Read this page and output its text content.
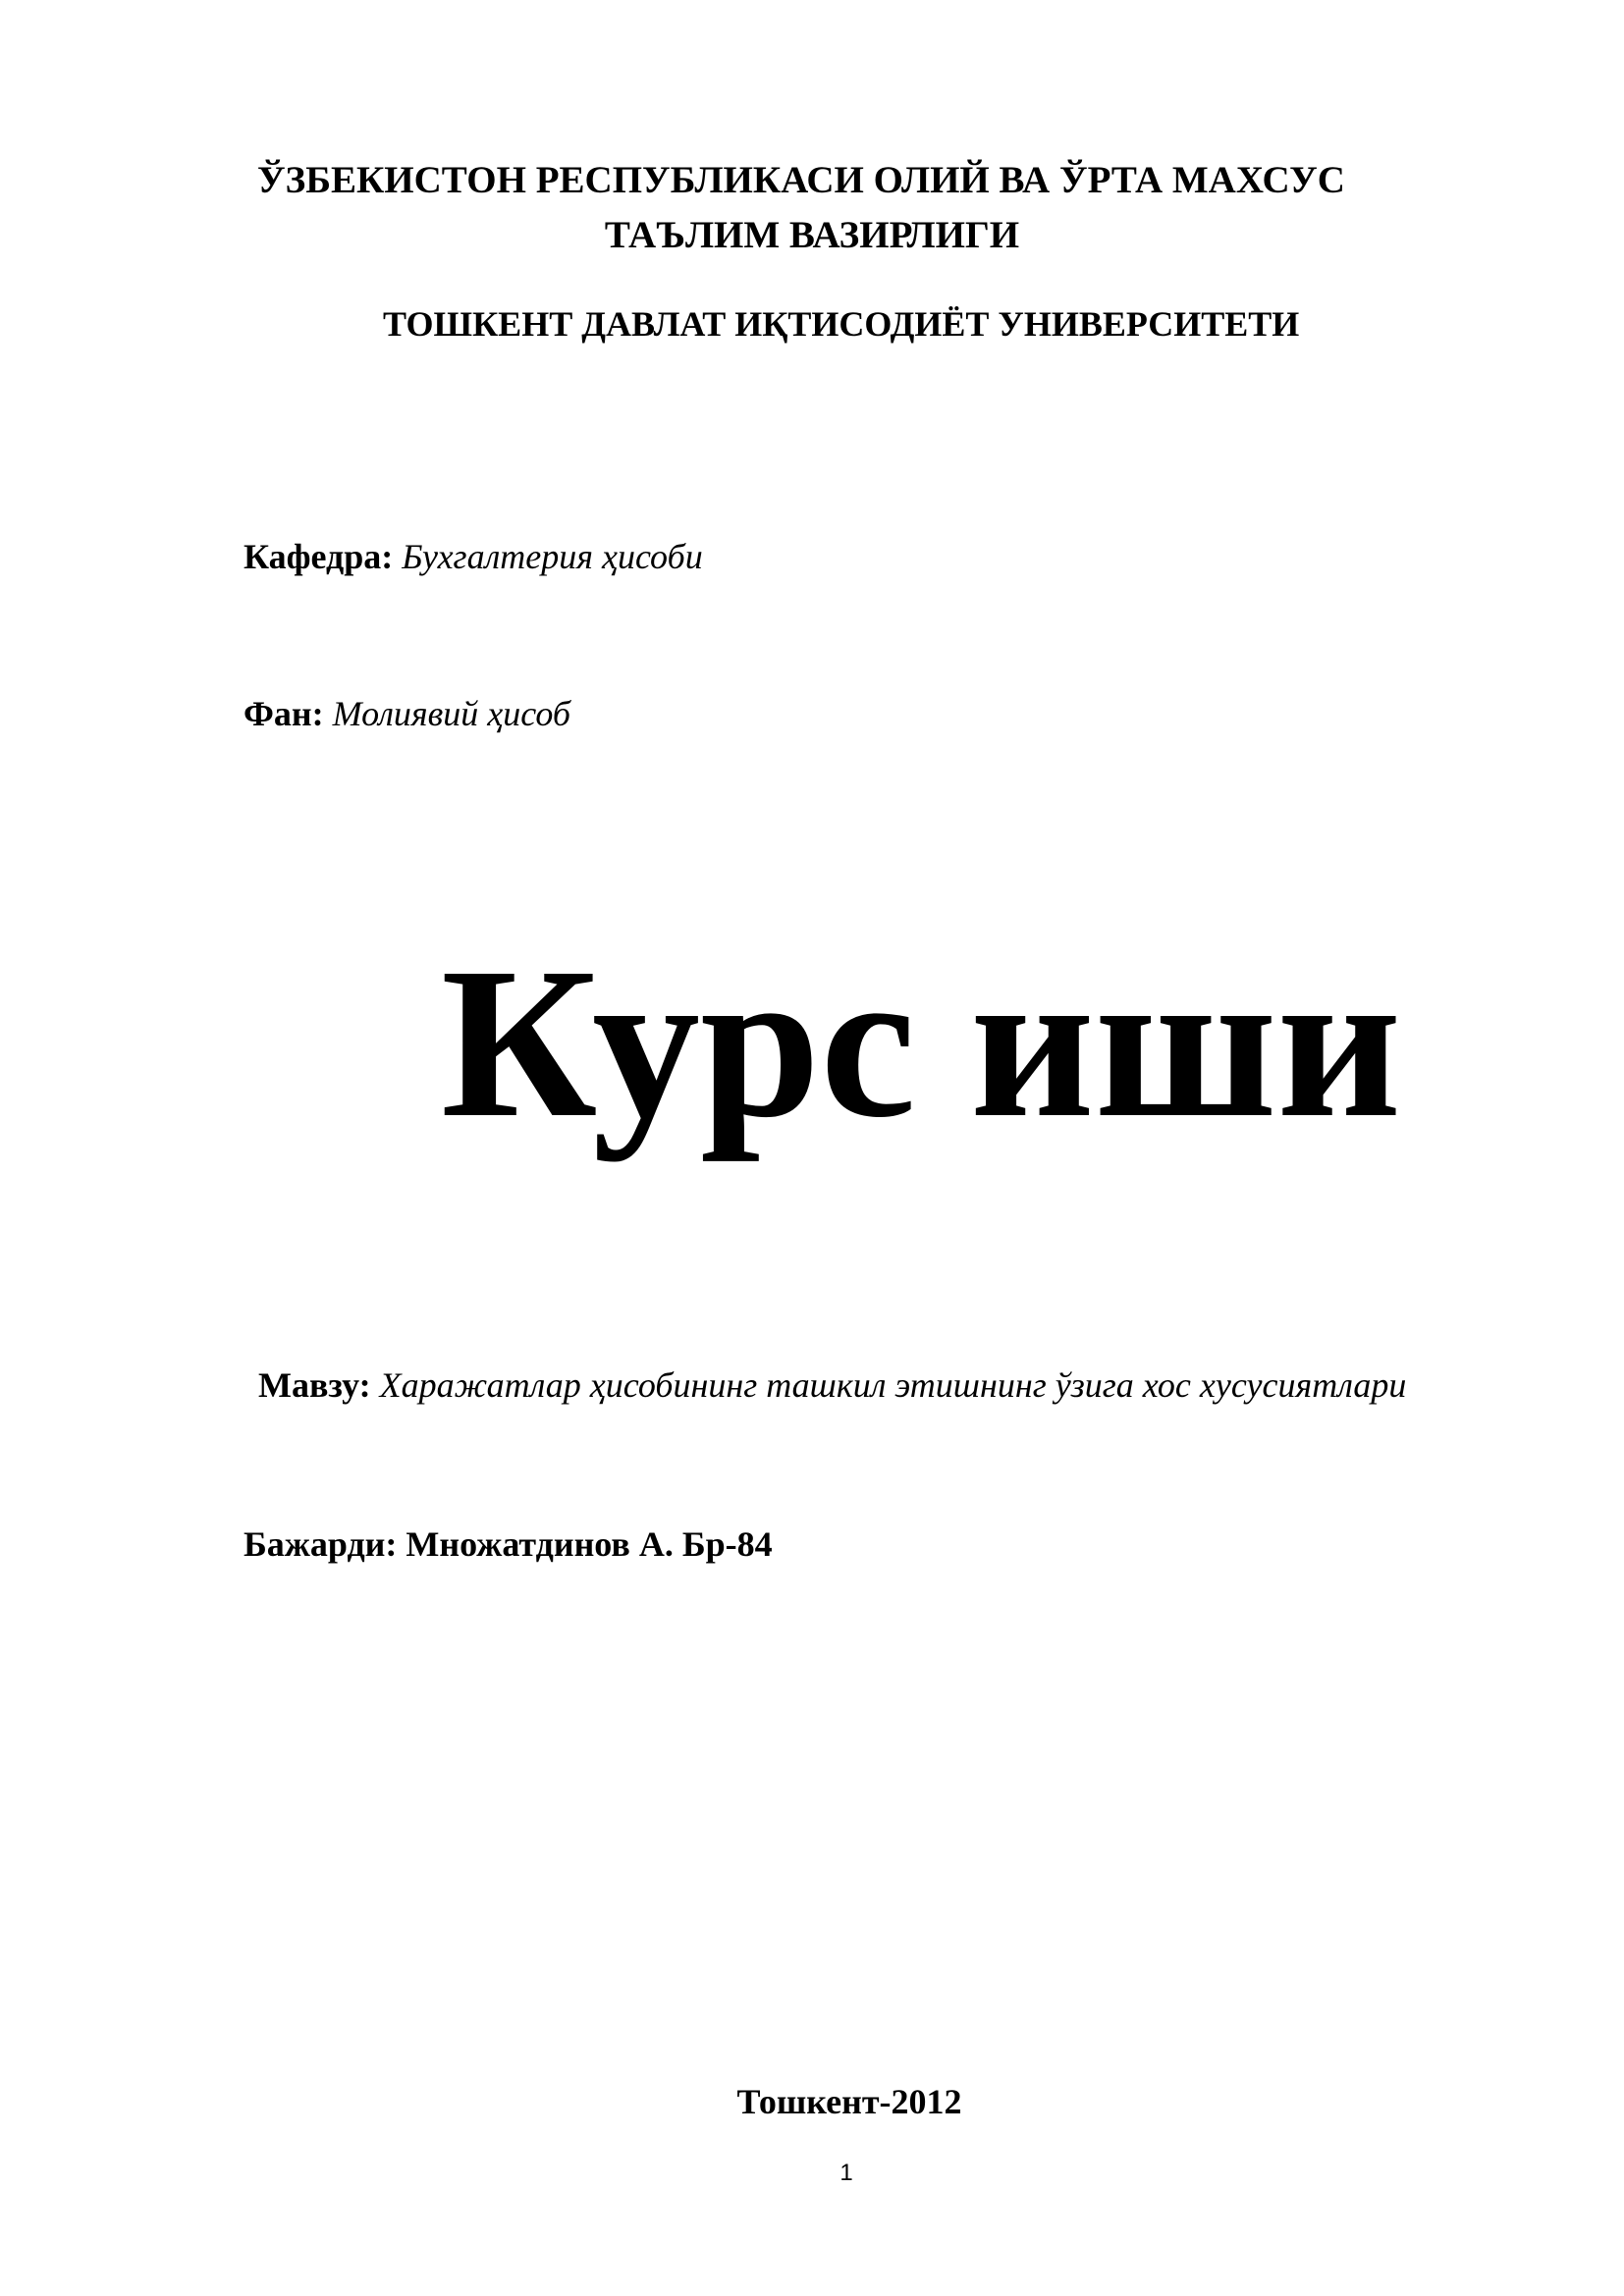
ЎЗБЕКИСТОН РЕСПУБЛИКАСИ ОЛИЙ ВА ЎРТА МАХСУС
ТАЪЛИМ ВАЗИРЛИГИ
ТОШКЕНТ ДАВЛАТ ИҚТИСОДИЁТ УНИВЕРСИТЕТИ
Кафедра: Бухгалтерия ҳисоби
Фан: Молиявий ҳисоб
Курс иши
Мавзу: Харажатлар ҳисобининг ташкил этишнинг ўзига хос хусусиятлари
Бажарди: Множатдинов А. Бр-84
Тошкент-2012
1
